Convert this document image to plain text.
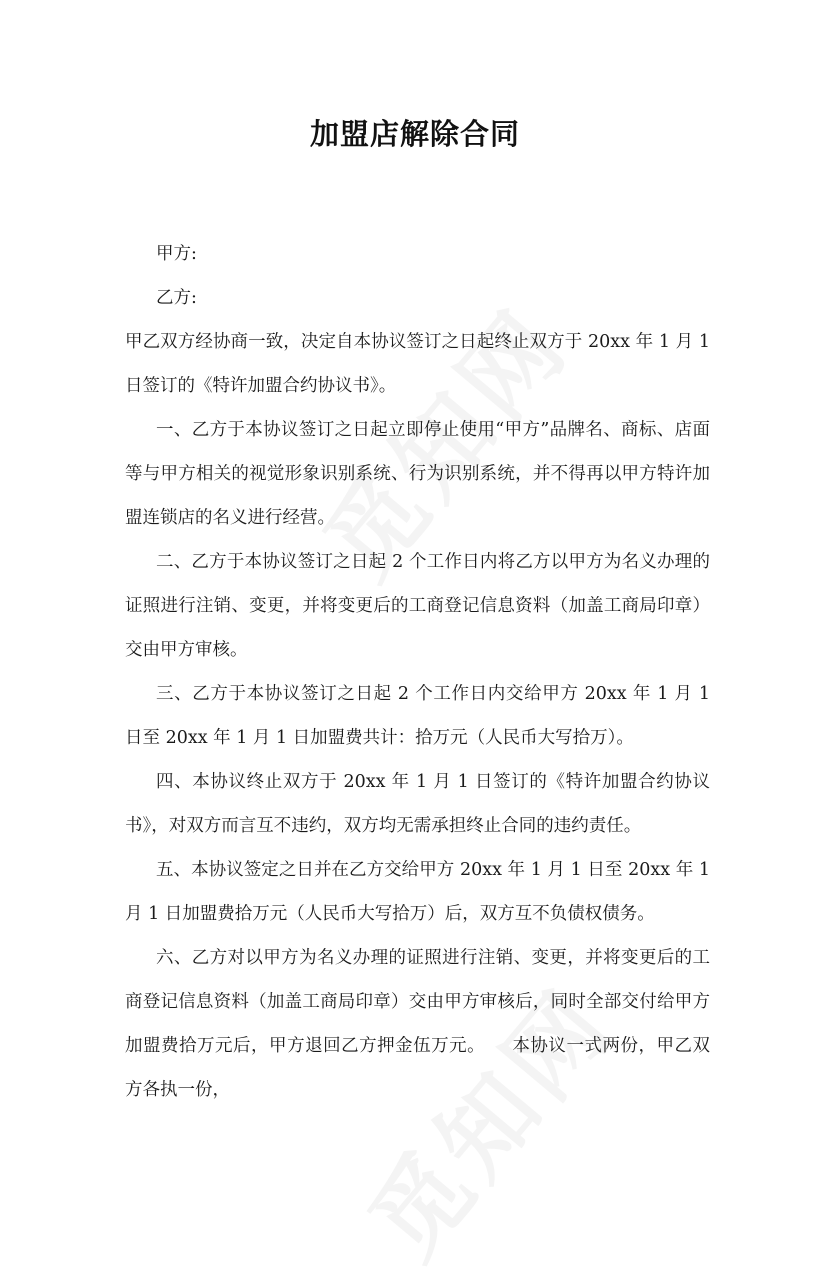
加盟店解除合同

甲方:

乙方:

甲乙双方经协商一致，决定自本协议签订之日起终止双方于 20xx 年 1 月 1 日签订的《特许加盟合约协议书》。

一、乙方于本协议签订之日起立即停止使用“甲方”品牌名、商标、店面等与甲方相关的视觉形象识别系统、行为识别系统，并不得再以甲方特许加盟连锁店的名义进行经营。

二、乙方于本协议签订之日起 2 个工作日内将乙方以甲方为名义办理的证照进行注销、变更，并将变更后的工商登记信息资料（加盖工商局印章）交由甲方审核。

三、乙方于本协议签订之日起 2 个工作日内交给甲方 20xx 年 1 月 1 日至 20xx 年 1 月 1 日加盟费共计：拾万元（人民币大写拾万）。

四、本协议终止双方于 20xx 年 1 月 1 日签订的《特许加盟合约协议书》，对双方而言互不违约，双方均无需承担终止合同的违约责任。

五、本协议签定之日并在乙方交给甲方 20xx 年 1 月 1 日至 20xx 年 1 月 1 日加盟费拾万元（人民币大写拾万）后，双方互不负债权债务。

六、乙方对以甲方为名义办理的证照进行注销、变更，并将变更后的工商登记信息资料（加盖工商局印章）交由甲方审核后，同时全部交付给甲方加盟费拾万元后，甲方退回乙方押金伍万元。　　本协议一式两份，甲乙双方各执一份，
